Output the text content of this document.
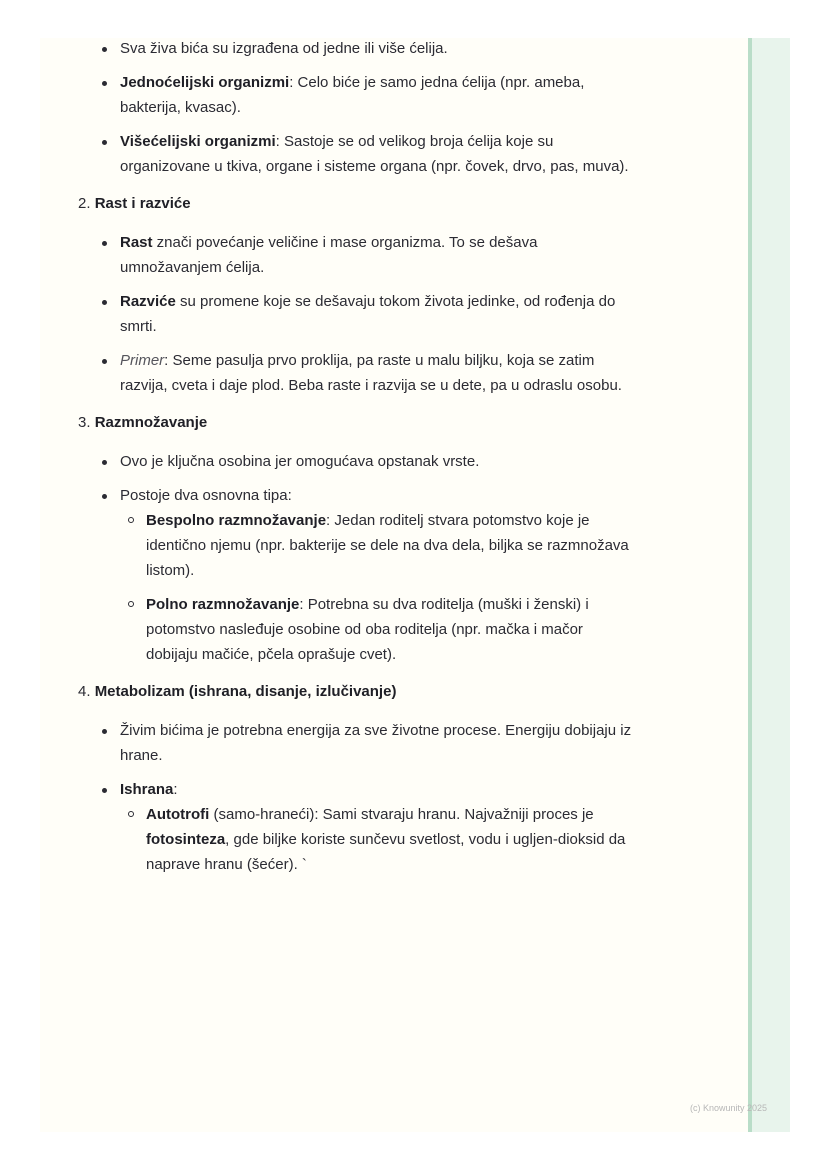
Sva živa bića su izgrađena od jedne ili više ćelija.
Jednoćelijski organizmi: Celo biće je samo jedna ćelija (npr. ameba, bakterija, kvasac).
Višećelijski organizmi: Sastoje se od velikog broja ćelija koje su organizovane u tkiva, organe i sisteme organa (npr. čovek, drvo, pas, muva).
2. Rast i razviće
Rast znači povećanje veličine i mase organizma. To se dešava umnožavanjem ćelija.
Razviće su promene koje se dešavaju tokom života jedinke, od rođenja do smrti.
Primer: Seme pasulja prvo proklija, pa raste u malu biljku, koja se zatim razvija, cveta i daje plod. Beba raste i razvija se u dete, pa u odraslu osobu.
3. Razmnožavanje
Ovo je ključna osobina jer omogućava opstanak vrste.
Postoje dva osnovna tipa:
Bespolno razmnožavanje: Jedan roditelj stvara potomstvo koje je identično njemu (npr. bakterije se dele na dva dela, biljka se razmnožava listom).
Polno razmnožavanje: Potrebna su dva roditelja (muški i ženski) i potomstvo nasleđuje osobine od oba roditelja (npr. mačka i mačor dobijaju mačiće, pčela oprašuje cvet).
4. Metabolizam (ishrana, disanje, izlučivanje)
Živim bićima je potrebna energija za sve životne procese. Energiju dobijaju iz hrane.
Ishrana:
Autotrofi (samo-hraneći): Sami stvaraju hranu. Najvažniji proces je fotosinteza, gde biljke koriste sunčevu svetlost, vodu i ugljen-dioksid da naprave hranu (šećer). `
(c) Knowunity 2025
